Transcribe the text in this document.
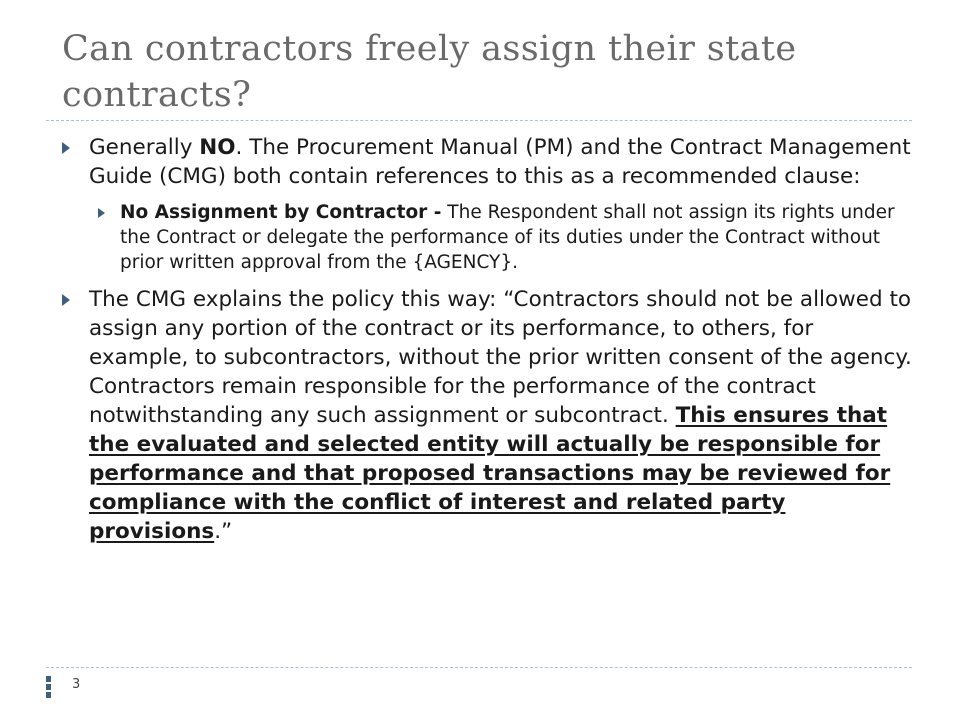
Can contractors freely assign their state contracts?

Generally NO. The Procurement Manual (PM) and the Contract Management Guide (CMG) both contain references to this as a recommended clause:

No Assignment by Contractor - The Respondent shall not assign its rights under the Contract or delegate the performance of its duties under the Contract without prior written approval from the {AGENCY}.

The CMG explains the policy this way: “Contractors should not be allowed to assign any portion of the contract or its performance, to others, for example, to subcontractors, without the prior written consent of the agency. Contractors remain responsible for the performance of the contract notwithstanding any such assignment or subcontract. This ensures that the evaluated and selected entity will actually be responsible for performance and that proposed transactions may be reviewed for compliance with the conflict of interest and related party provisions.”

3
